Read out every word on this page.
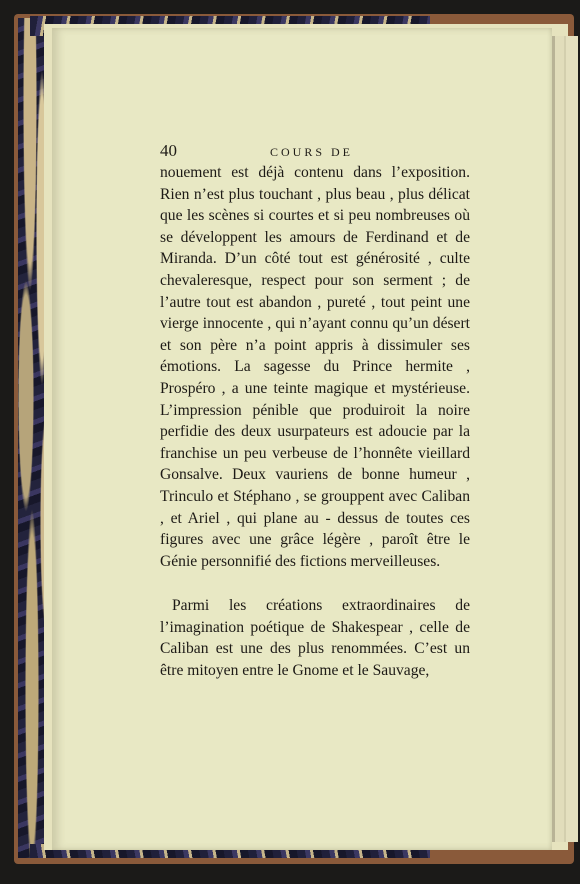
40	COURS DE

nouement est déjà contenu dans l’exposition. Rien n’est plus touchant , plus beau , plus délicat que les scènes si courtes et si peu nombreuses où se développent les amours de Ferdinand et de Miranda. D’un côté tout est générosité , culte chevaleresque, respect pour son serment ; de l’autre tout est abandon , pureté , tout peint une vierge innocente , qui n’ayant connu qu’un désert et son père n’a point appris à dissimuler ses émotions. La sagesse du Prince hermite , Prospéro , a une teinte magique et mystérieuse. L’impression pénible que produiroit la noire perfidie des deux usurpateurs est adoucie par la franchise un peu verbeuse de l’honnête vieillard Gonsalve. Deux vauriens de bonne humeur , Trinculo et Stéphano , se grouppent avec Caliban , et Ariel , qui plane au - dessus de toutes ces figures avec une grâce légère , paroît être le Génie personnifié des fictions merveilleuses.

Parmi les créations extraordinaires de l’imagination poétique de Shakespear , celle de Caliban est une des plus renommées. C’est un être mitoyen entre le Gnome et le Sauvage,
